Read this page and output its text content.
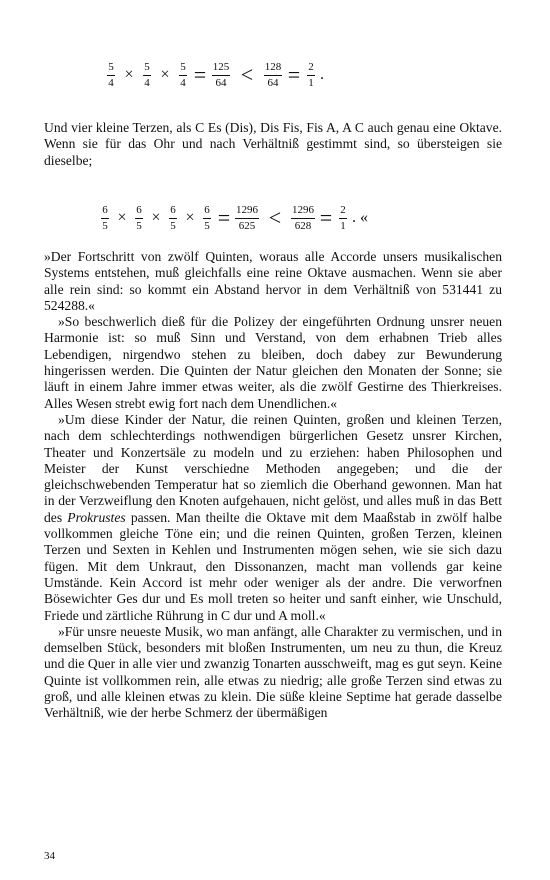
$\frac{5}{4} \times \frac{5}{4} \times \frac{5}{4} = \frac{125}{64} < \frac{128}{64} = \frac{2}{1}$ .

Und vier kleine Terzen, als C Es (Dis), Dis Fis, Fis A, A C auch genau eine Oktave. Wenn sie für das Ohr und nach Verhältniß gestimmt sind, so übersteigen sie dieselbe;

$\frac{6}{5} \times \frac{6}{5} \times \frac{6}{5} \times \frac{6}{5} = \frac{1296}{625} < \frac{1296}{628} = \frac{2}{1}$ . «

»Der Fortschritt von zwölf Quinten, woraus alle Accorde unsers musikalischen Systems entstehen, muß gleichfalls eine reine Oktave ausmachen. Wenn sie aber alle rein sind: so kommt ein Abstand hervor in dem Verhältniß von 531441 zu 524288.«

»So beschwerlich dieß für die Polizey der eingeführten Ordnung unsrer neuen Harmonie ist: so muß Sinn und Verstand, von dem erhabnen Trieb alles Lebendigen, nirgendwo stehen zu bleiben, doch dabey zur Bewunderung hingerissen werden. Die Quinten der Natur gleichen den Monaten der Sonne; sie läuft in einem Jahre immer etwas weiter, als die zwölf Gestirne des Thierkreises. Alles Wesen strebt ewig fort nach dem Unendlichen.«

»Um diese Kinder der Natur, die reinen Quinten, großen und kleinen Terzen, nach dem schlechterdings nothwendigen bürgerlichen Gesetz unsrer Kirchen, Theater und Konzertsäle zu modeln und zu erziehen: haben Philosophen und Meister der Kunst verschiedne Methoden angegeben; und die der gleichschwebenden Temperatur hat so ziemlich die Oberhand gewonnen. Man hat in der Verzweiflung den Knoten aufgehauen, nicht gelöst, und alles muß in das Bett des Prokrustes passen. Man theilte die Oktave mit dem Maaßstab in zwölf halbe vollkommen gleiche Töne ein; und die reinen Quinten, großen Terzen, kleinen Terzen und Sexten in Kehlen und Instrumenten mögen sehen, wie sie sich dazu fügen. Mit dem Unkraut, den Dissonanzen, macht man vollends gar keine Umstände. Kein Accord ist mehr oder weniger als der andre. Die verworfnen Bösewichter Ges dur und Es moll treten so heiter und sanft einher, wie Unschuld, Friede und zärtliche Rührung in C dur und A moll.«

»Für unsre neueste Musik, wo man anfängt, alle Charakter zu vermischen, und in demselben Stück, besonders mit bloßen Instrumenten, um neu zu thun, die Kreuz und die Quer in alle vier und zwanzig Tonarten ausschweift, mag es gut seyn. Keine Quinte ist vollkommen rein, alle etwas zu niedrig; alle große Terzen sind etwas zu groß, und alle kleinen etwas zu klein. Die süße kleine Septime hat gerade dasselbe Verhältniß, wie der herbe Schmerz der übermäßigen

34
